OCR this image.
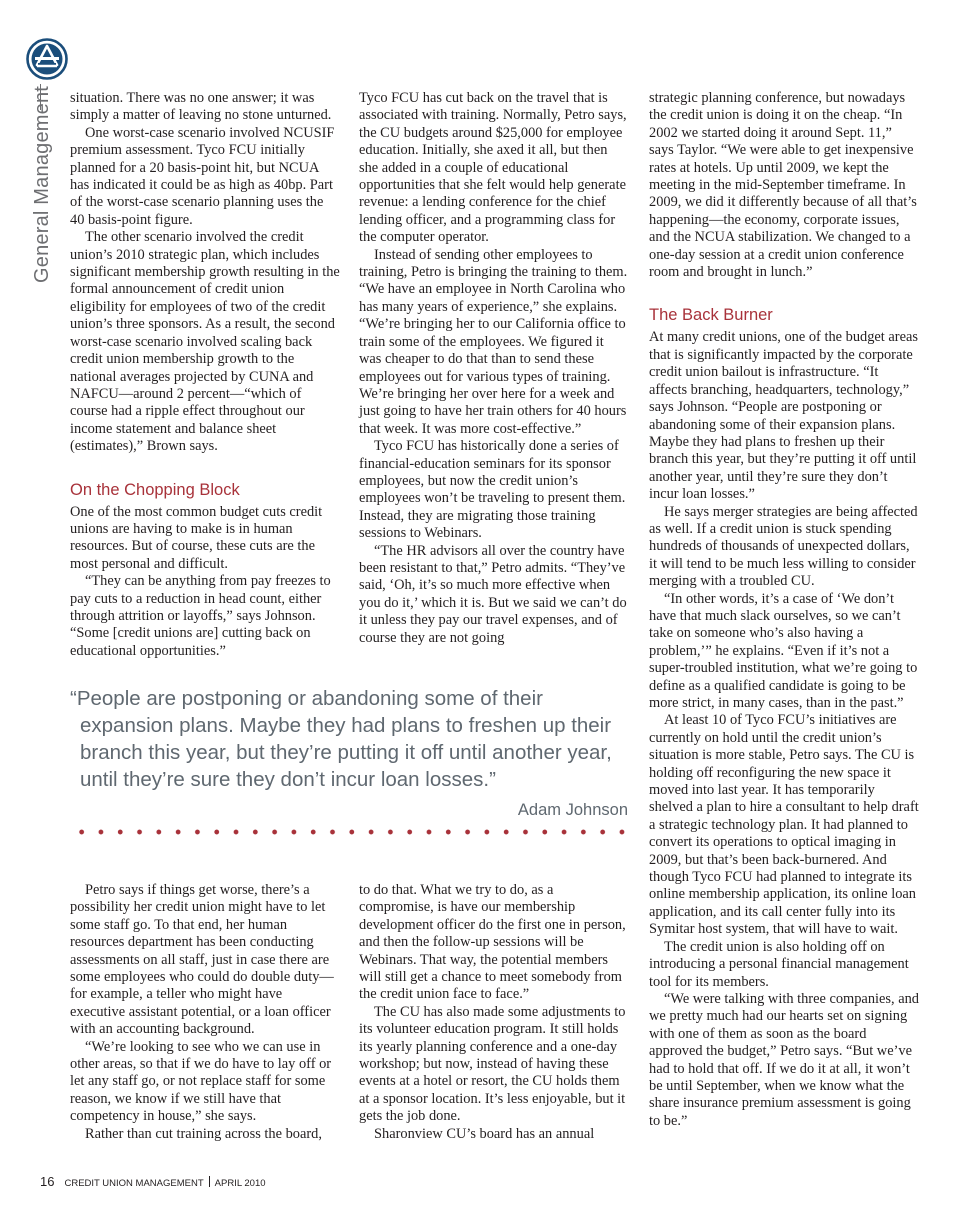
General Management situation. There was no one answer; it was simply a matter of leaving no stone unturned.

One worst-case scenario involved NCUSIF premium assessment. Tyco FCU initially planned for a 20 basis-point hit, but NCUA has indicated it could be as high as 40bp. Part of the worst-case scenario planning uses the 40 basis-point figure.

The other scenario involved the credit union’s 2010 strategic plan, which includes significant membership growth resulting in the formal announcement of credit union eligibility for employees of two of the credit union’s three sponsors. As a result, the second worst-case scenario involved scaling back credit union membership growth to the national averages projected by CUNA and NAFCU—around 2 percent—“which of course had a ripple effect throughout our income statement and balance sheet (estimates),” Brown says.

On the Chopping Block

One of the most common budget cuts credit unions are having to make is in human resources. But of course, these cuts are the most personal and difficult.

“They can be anything from pay freezes to pay cuts to a reduction in head count, either through attrition or layoffs,” says Johnson. “Some [credit unions are] cutting back on educational opportunities.”

Tyco FCU has cut back on the travel that is associated with training. Normally, Petro says, the CU budgets around $25,000 for employee education. Initially, she axed it all, but then she added in a couple of educational opportunities that she felt would help generate revenue: a lending conference for the chief lending officer, and a programming class for the computer operator.

Instead of sending other employees to training, Petro is bringing the training to them. “We have an employee in North Carolina who has many years of experience,” she explains. “We’re bringing her to our California office to train some of the employees. We figured it was cheaper to do that than to send these employees out for various types of training. We’re bringing her over here for a week and just going to have her train others for 40 hours that week. It was more cost-effective.”

Tyco FCU has historically done a series of financial-education seminars for its sponsor employees, but now the credit union’s employees won’t be traveling to present them. Instead, they are migrating those training sessions to Webinars.

“The HR advisors all over the country have been resistant to that,” Petro admits. “They’ve said, ‘Oh, it’s so much more effective when you do it,’ which it is. But we said we can’t do it unless they pay our travel expenses, and of course they are not going

strategic planning conference, but nowadays the credit union is doing it on the cheap. “In 2002 we started doing it around Sept. 11,” says Taylor. “We were able to get inexpensive rates at hotels. Up until 2009, we kept the meeting in the mid-September timeframe. In 2009, we did it differently because of all that’s happening—the economy, corporate issues, and the NCUA stabilization. We changed to a one-day session at a credit union conference room and brought in lunch.”

The Back Burner

At many credit unions, one of the budget areas that is significantly impacted by the corporate credit union bailout is infrastructure. “It affects branching, headquarters, technology,” says Johnson. “People are postponing or abandoning some of their expansion plans. Maybe they had plans to freshen up their branch this year, but they’re putting it off until another year, until they’re sure they don’t incur loan losses.”

He says merger strategies are being affected as well. If a credit union is stuck spending hundreds of thousands of unexpected dollars, it will tend to be much less willing to consider merging with a troubled CU.

“In other words, it’s a case of ‘We don’t have that much slack ourselves, so we can’t take on someone who’s also having a problem,’” he explains. “Even if it’s not a super-troubled institution, what we’re going to define as a qualified candidate is going to be more strict, in many cases, than in the past.”

At least 10 of Tyco FCU’s initiatives are currently on hold until the credit union’s situation is more stable, Petro says. The CU is holding off reconfiguring the new space it moved into last year. It has temporarily shelved a plan to hire a consultant to help draft a strategic technology plan. It had planned to convert its operations to optical imaging in 2009, but that’s been back-burnered. And though Tyco FCU had planned to integrate its online membership application, its online loan application, and its call center fully into its Symitar host system, that will have to wait.

The credit union is also holding off on introducing a personal financial management tool for its members.

“We were talking with three companies, and we pretty much had our hearts set on signing with one of them as soon as the board approved the budget,” Petro says. “But we’ve had to hold that off. If we do it at all, it won’t be until September, when we know what the share insurance premium assessment is going to be.”

“People are postponing or abandoning some of their expansion plans. Maybe they had plans to freshen up their branch this year, but they’re putting it off until another year, until they’re sure they don’t incur loan losses.”

Adam Johnson

Petro says if things get worse, there’s a possibility her credit union might have to let some staff go. To that end, her human resources department has been conducting assessments on all staff, just in case there are some employees who could do double duty—for example, a teller who might have executive assistant potential, or a loan officer with an accounting background.

“We’re looking to see who we can use in other areas, so that if we do have to lay off or let any staff go, or not replace staff for some reason, we know if we still have that competency in house,” she says.

Rather than cut training across the board,

to do that. What we try to do, as a compromise, is have our membership development officer do the first one in person, and then the follow-up sessions will be Webinars. That way, the potential members will still get a chance to meet somebody from the credit union face to face.”

The CU has also made some adjustments to its volunteer education program. It still holds its yearly planning conference and a one-day workshop; but now, instead of having these events at a hotel or resort, the CU holds them at a sponsor location. It’s less enjoyable, but it gets the job done.

Sharonview CU’s board has an annual

16 CREDIT UNION MANAGEMENT APRIL 2010
